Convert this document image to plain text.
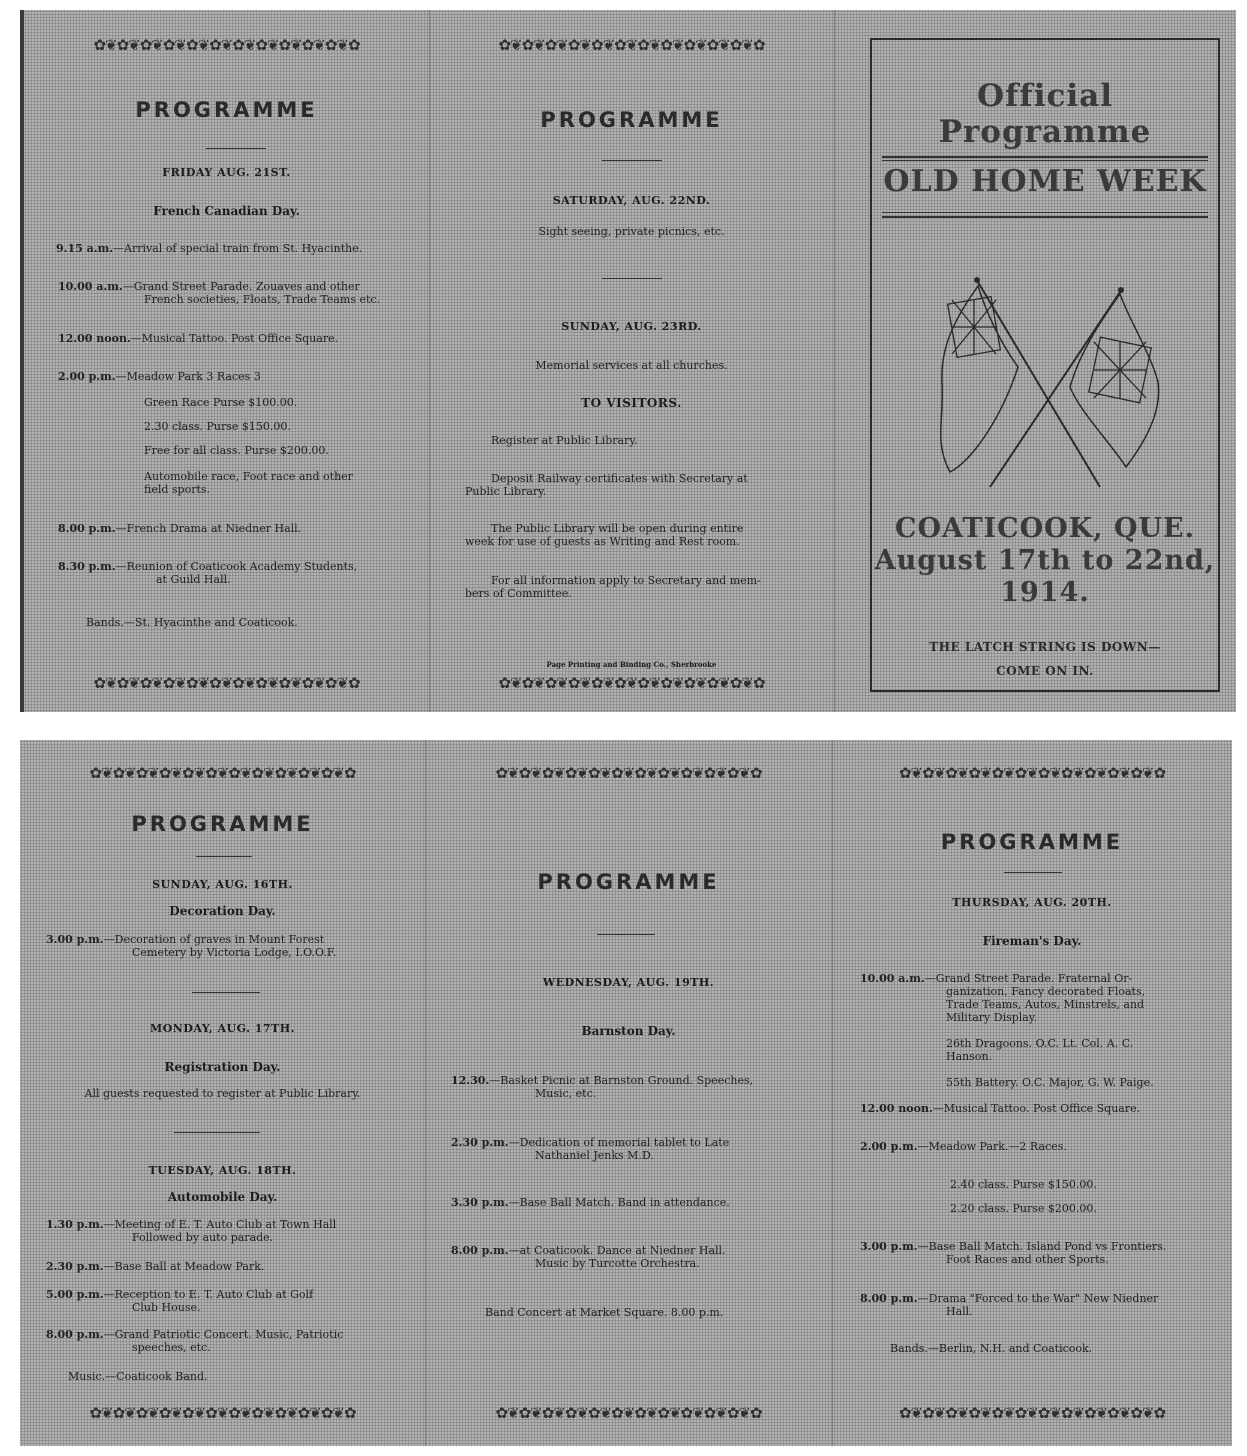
✿❦✿❦✿❦✿❦✿❦✿❦✿❦✿❦✿❦✿❦✿❦✿
PROGRAMME
FRIDAY AUG. 21ST.
French Canadian Day.
9.15 a.m.—Arrival of special train from St. Hyacinthe.
10.00 a.m.—Grand Street Parade. Zouaves and other
French societies, Floats, Trade Teams etc.
12.00 noon.—Musical Tattoo. Post Office Square.
2.00 p.m.—Meadow Park 3 Races 3
Green Race Purse $100.00.
2.30 class. Purse $150.00.
Free for all class. Purse $200.00.
Automobile race, Foot race and other
field sports.
8.00 p.m.—French Drama at Niedner Hall.
8.30 p.m.—Reunion of Coaticook Academy Students,
at Guild Hall.
Bands.—St. Hyacinthe and Coaticook.
✿❦✿❦✿❦✿❦✿❦✿❦✿❦✿❦✿❦✿❦✿❦✿
✿❦✿❦✿❦✿❦✿❦✿❦✿❦✿❦✿❦✿❦✿❦✿
PROGRAMME
SATURDAY, AUG. 22ND.
Sight seeing, private picnics, etc.
SUNDAY, AUG. 23RD.
Memorial services at all churches.
TO VISITORS.
Register at Public Library.
Deposit Railway certificates with Secretary at
Public Library.
The Public Library will be open during entire
week for use of guests as Writing and Rest room.
For all information apply to Secretary and mem-
bers of Committee.
Page Printing and Binding Co., Sherbrooke
✿❦✿❦✿❦✿❦✿❦✿❦✿❦✿❦✿❦✿❦✿❦✿
Official Programme
OLD HOME WEEK
COATICOOK, QUE.
August 17th to 22nd,
1914.
THE LATCH STRING IS DOWN—
COME ON IN.
✿❦✿❦✿❦✿❦✿❦✿❦✿❦✿❦✿❦✿❦✿❦✿
PROGRAMME
SUNDAY, AUG. 16TH.
Decoration Day.
3.00 p.m.—Decoration of graves in Mount Forest
Cemetery by Victoria Lodge, I.O.O.F.
MONDAY, AUG. 17TH.
Registration Day.
All guests requested to register at Public Library.
TUESDAY, AUG. 18TH.
Automobile Day.
1.30 p.m.—Meeting of E. T. Auto Club at Town Hall
Followed by auto parade.
2.30 p.m.—Base Ball at Meadow Park.
5.00 p.m.—Reception to E. T. Auto Club at Golf
Club House.
8.00 p.m.—Grand Patriotic Concert. Music, Patriotic
speeches, etc.
Music.—Coaticook Band.
✿❦✿❦✿❦✿❦✿❦✿❦✿❦✿❦✿❦✿❦✿❦✿
✿❦✿❦✿❦✿❦✿❦✿❦✿❦✿❦✿❦✿❦✿❦✿
PROGRAMME
WEDNESDAY, AUG. 19TH.
Barnston Day.
12.30.—Basket Picnic at Barnston Ground. Speeches,
Music, etc.
2.30 p.m.—Dedication of memorial tablet to Late
Nathaniel Jenks M.D.
3.30 p.m.—Base Ball Match. Band in attendance.
8.00 p.m.—at Coaticook. Dance at Niedner Hall.
Music by Turcotte Orchestra.
Band Concert at Market Square. 8.00 p.m.
✿❦✿❦✿❦✿❦✿❦✿❦✿❦✿❦✿❦✿❦✿❦✿
✿❦✿❦✿❦✿❦✿❦✿❦✿❦✿❦✿❦✿❦✿❦✿
PROGRAMME
THURSDAY, AUG. 20TH.
Fireman's Day.
10.00 a.m.—Grand Street Parade. Fraternal Or-
ganization, Fancy decorated Floats,
Trade Teams, Autos, Minstrels, and
Military Display.
26th Dragoons. O.C. Lt. Col. A. C.
Hanson.
55th Battery. O.C. Major, G. W. Paige.
12.00 noon.—Musical Tattoo. Post Office Square.
2.00 p.m.—Meadow Park.—2 Races.
2.40 class. Purse $150.00.
2.20 class. Purse $200.00.
3.00 p.m.—Base Ball Match. Island Pond vs Frontiers.
Foot Races and other Sports.
8.00 p.m.—Drama "Forced to the War" New Niedner
Hall.
Bands.—Berlin, N.H. and Coaticook.
✿❦✿❦✿❦✿❦✿❦✿❦✿❦✿❦✿❦✿❦✿❦✿
